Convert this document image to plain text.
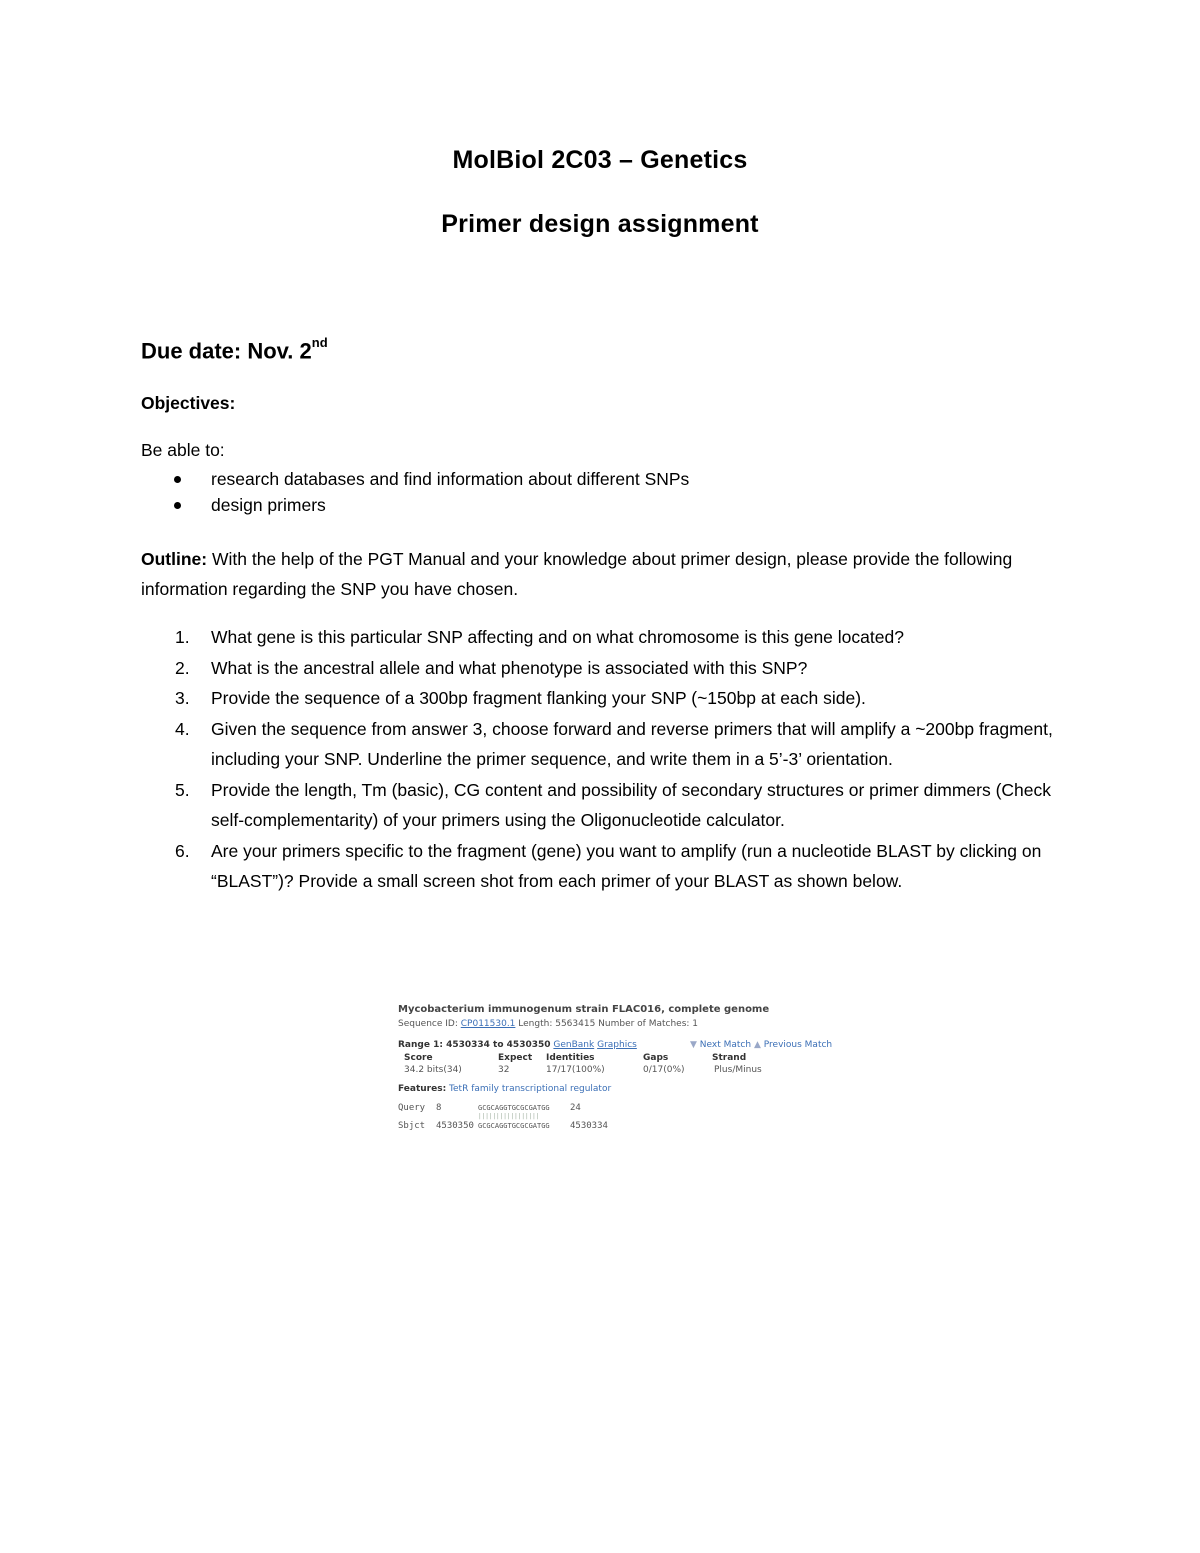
MolBiol 2C03 – Genetics
Primer design assignment
Due date: Nov. 2nd
Objectives:
Be able to:
research databases and find information about different SNPs
design primers
Outline: With the help of the PGT Manual and your knowledge about primer design, please provide the following information regarding the SNP you have chosen.
1.	What gene is this particular SNP affecting and on what chromosome is this gene located?
2.	What is the ancestral allele and what phenotype is associated with this SNP?
3.	Provide the sequence of a 300bp fragment flanking your SNP (~150bp at each side).
4.	Given the sequence from answer 3, choose forward and reverse primers that will amplify a ~200bp fragment, including your SNP. Underline the primer sequence, and write them in a 5’-3’ orientation.
5.	Provide the length, Tm (basic), CG content and possibility of secondary structures or primer dimmers (Check self-complementarity) of your primers using the Oligonucleotide calculator.
6.	Are your primers specific to the fragment (gene) you want to amplify (run a nucleotide BLAST by clicking on “BLAST”)? Provide a small screen shot from each primer of your BLAST as shown below.
Mycobacterium immunogenum strain FLAC016, complete genome
Sequence ID: CP011530.1 Length: 5563415 Number of Matches: 1
Range 1: 4530334 to 4530350 GenBank Graphics	▼ Next Match ▲ Previous Match
Score	Expect Identities	Gaps	Strand
34.2 bits(34)	32	17/17(100%)	0/17(0%)	Plus/Minus
Features: TetR family transcriptional regulator
Query 8	GCGCAGGTGCGCGATGG 24
|||||||||||||||||
Sbjct 4530350 GCGCAGGTGCGCGATGG 4530334
